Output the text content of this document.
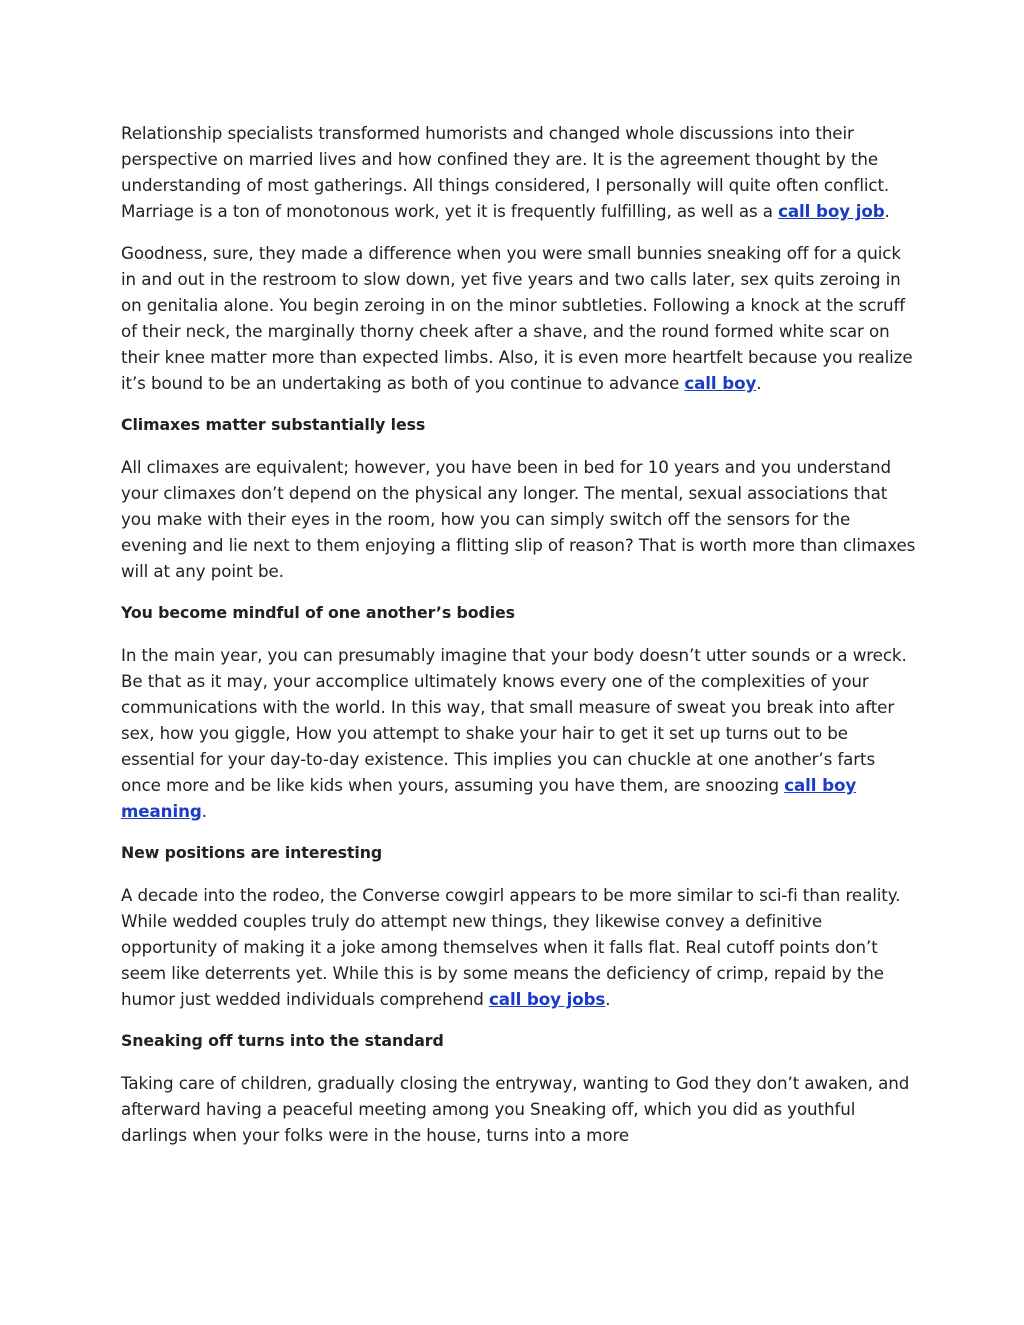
Relationship specialists transformed humorists and changed whole discussions into their perspective on married lives and how confined they are. It is the agreement thought by the understanding of most gatherings. All things considered, I personally will quite often conflict. Marriage is a ton of monotonous work, yet it is frequently fulfilling, as well as a call boy job.

Goodness, sure, they made a difference when you were small bunnies sneaking off for a quick in and out in the restroom to slow down, yet five years and two calls later, sex quits zeroing in on genitalia alone. You begin zeroing in on the minor subtleties. Following a knock at the scruff of their neck, the marginally thorny cheek after a shave, and the round formed white scar on their knee matter more than expected limbs. Also, it is even more heartfelt because you realize it’s bound to be an undertaking as both of you continue to advance call boy.

Climaxes matter substantially less

All climaxes are equivalent; however, you have been in bed for 10 years and you understand your climaxes don’t depend on the physical any longer. The mental, sexual associations that you make with their eyes in the room, how you can simply switch off the sensors for the evening and lie next to them enjoying a flitting slip of reason? That is worth more than climaxes will at any point be.

You become mindful of one another’s bodies

In the main year, you can presumably imagine that your body doesn’t utter sounds or a wreck. Be that as it may, your accomplice ultimately knows every one of the complexities of your communications with the world. In this way, that small measure of sweat you break into after sex, how you giggle, How you attempt to shake your hair to get it set up turns out to be essential for your day-to-day existence. This implies you can chuckle at one another’s farts once more and be like kids when yours, assuming you have them, are snoozing call boy meaning.

New positions are interesting

A decade into the rodeo, the Converse cowgirl appears to be more similar to sci-fi than reality. While wedded couples truly do attempt new things, they likewise convey a definitive opportunity of making it a joke among themselves when it falls flat. Real cutoff points don’t seem like deterrents yet. While this is by some means the deficiency of crimp, repaid by the humor just wedded individuals comprehend call boy jobs.

Sneaking off turns into the standard

Taking care of children, gradually closing the entryway, wanting to God they don’t awaken, and afterward having a peaceful meeting among you Sneaking off, which you did as youthful darlings when your folks were in the house, turns into a more
